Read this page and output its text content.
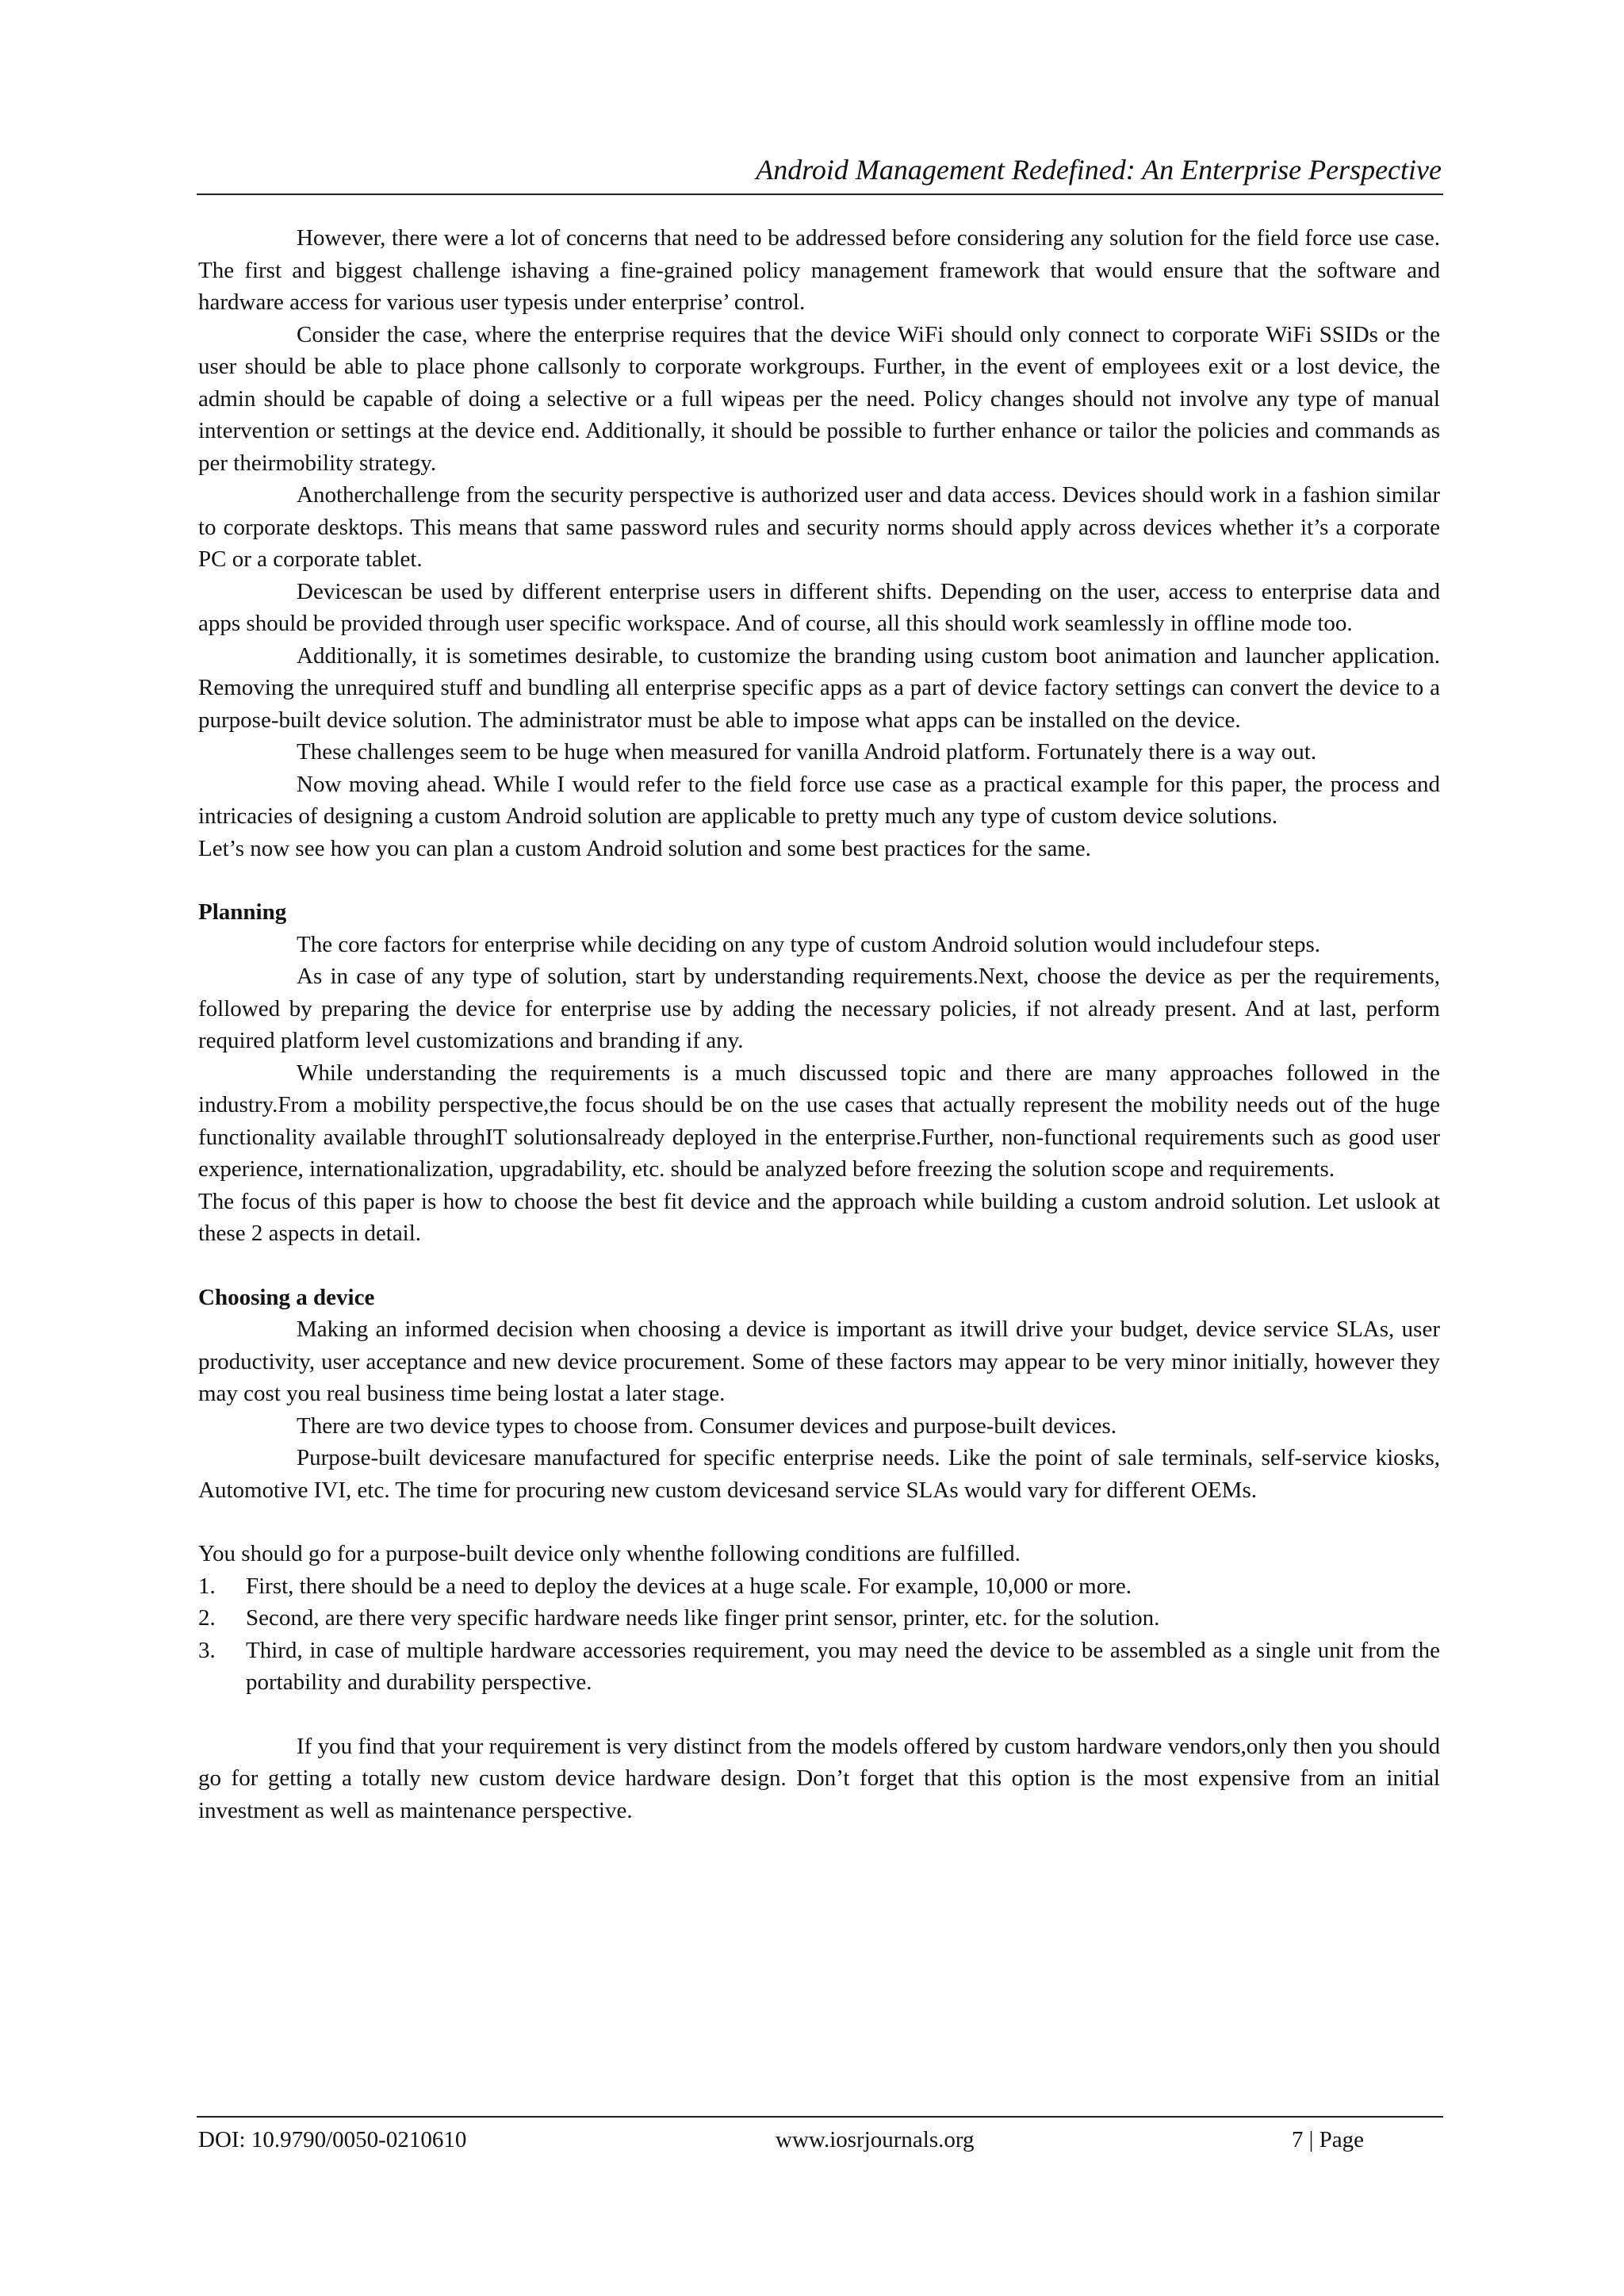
Android Management Redefined: An Enterprise Perspective

However, there were a lot of concerns that need to be addressed before considering any solution for the field force use case. The first and biggest challenge ishaving a fine-grained policy management framework that would ensure that the software and hardware access for various user typesis under enterprise’ control.

Consider the case, where the enterprise requires that the device WiFi should only connect to corporate WiFi SSIDs or the user should be able to place phone callsonly to corporate workgroups. Further, in the event of employees exit or a lost device, the admin should be capable of doing a selective or a full wipeas per the need. Policy changes should not involve any type of manual intervention or settings at the device end. Additionally, it should be possible to further enhance or tailor the policies and commands as per theirmobility strategy.

Anotherchallenge from the security perspective is authorized user and data access. Devices should work in a fashion similar to corporate desktops. This means that same password rules and security norms should apply across devices whether it’s a corporate PC or a corporate tablet.

Devicescan be used by different enterprise users in different shifts. Depending on the user, access to enterprise data and apps should be provided through user specific workspace. And of course, all this should work seamlessly in offline mode too.

Additionally, it is sometimes desirable, to customize the branding using custom boot animation and launcher application. Removing the unrequired stuff and bundling all enterprise specific apps as a part of device factory settings can convert the device to a purpose-built device solution. The administrator must be able to impose what apps can be installed on the device.

These challenges seem to be huge when measured for vanilla Android platform. Fortunately there is a way out.

Now moving ahead. While I would refer to the field force use case as a practical example for this paper, the process and intricacies of designing a custom Android solution are applicable to pretty much any type of custom device solutions.

Let’s now see how you can plan a custom Android solution and some best practices for the same.

Planning

The core factors for enterprise while deciding on any type of custom Android solution would includefour steps.

As in case of any type of solution, start by understanding requirements.Next, choose the device as per the requirements, followed by preparing the device for enterprise use by adding the necessary policies, if not already present. And at last, perform required platform level customizations and branding if any.

While understanding the requirements is a much discussed topic and there are many approaches followed in the industry.From a mobility perspective,the focus should be on the use cases that actually represent the mobility needs out of the huge functionality available throughIT solutionsalready deployed in the enterprise.Further, non-functional requirements such as good user experience, internationalization, upgradability, etc. should be analyzed before freezing the solution scope and requirements.

The focus of this paper is how to choose the best fit device and the approach while building a custom android solution. Let uslook at these 2 aspects in detail.

Choosing a device

Making an informed decision when choosing a device is important as itwill drive your budget, device service SLAs, user productivity, user acceptance and new device procurement. Some of these factors may appear to be very minor initially, however they may cost you real business time being lostat a later stage.

There are two device types to choose from. Consumer devices and purpose-built devices.

Purpose-built devicesare manufactured for specific enterprise needs. Like the point of sale terminals, self-service kiosks, Automotive IVI, etc. The time for procuring new custom devicesand service SLAs would vary for different OEMs.

You should go for a purpose-built device only whenthe following conditions are fulfilled.

1. First, there should be a need to deploy the devices at a huge scale. For example, 10,000 or more.
2. Second, are there very specific hardware needs like finger print sensor, printer, etc. for the solution.
3. Third, in case of multiple hardware accessories requirement, you may need the device to be assembled as a single unit from the portability and durability perspective.

If you find that your requirement is very distinct from the models offered by custom hardware vendors,only then you should go for getting a totally new custom device hardware design. Don’t forget that this option is the most expensive from an initial investment as well as maintenance perspective.

DOI: 10.9790/0050-0210610	www.iosrjournals.org	7 | Page
